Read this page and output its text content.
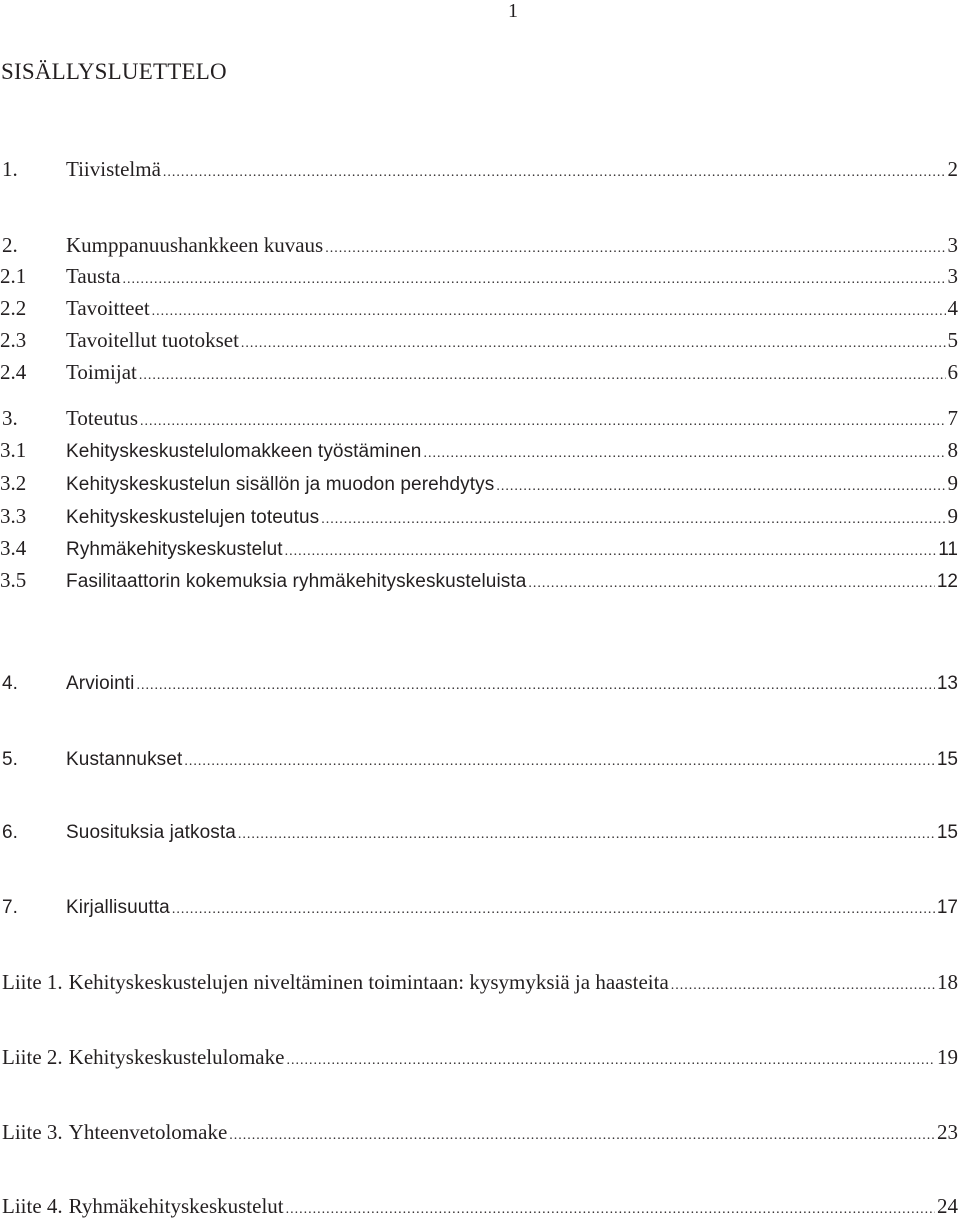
1
SISÄLLYSLUETTELO
1.	Tiivistelmä .....	2
2.	Kumppanuushankkeen kuvaus .....	3
2.1	Tausta .....	3
2.2	Tavoitteet .....	4
2.3	Tavoitellut tuotokset .....	5
2.4	Toimijat .....	6
3.	Toteutus .....	7
3.1	Kehityskeskustelulomakkeen työstäminen .....	8
3.2	Kehityskeskustelun sisällön ja muodon perehdytys .....	9
3.3	Kehityskeskustelujen toteutus .....	9
3.4	Ryhmäkehityskeskustelut .....	11
3.5	Fasilitaattorin kokemuksia ryhmäkehityskeskusteluista .....	12
4.	Arviointi .....	13
5.	Kustannukset .....	15
6.	Suosituksia jatkosta .....	15
7.	Kirjallisuutta .....	17
Liite 1. Kehityskeskustelujen niveltäminen toimintaan: kysymyksiä ja haasteita .....	18
Liite 2. Kehityskeskustelulomake .....	19
Liite 3. Yhteenvetolomake .....	23
Liite 4. Ryhmäkehityskeskustelut .....	24
